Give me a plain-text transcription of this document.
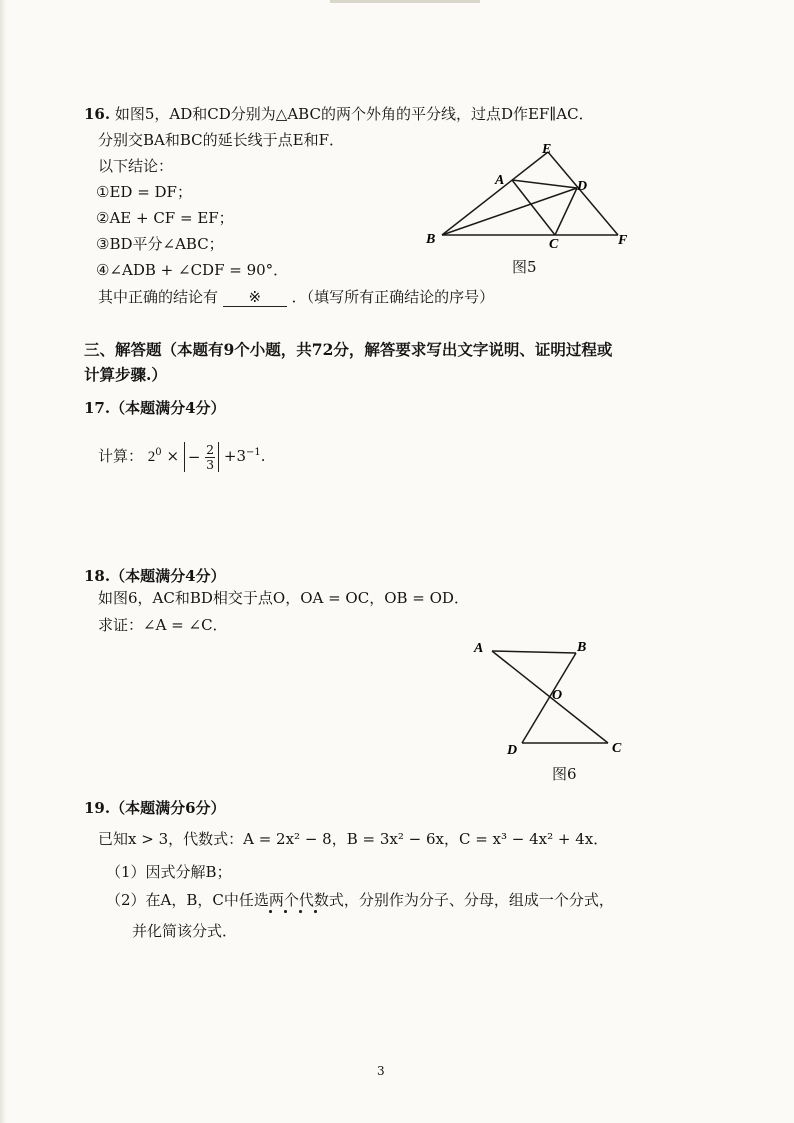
16. 如图5，AD和CD分别为△ABC的两个外角的平分线，过点D作EF∥AC．
分别交BA和BC的延长线于点E和F．
以下结论：
①ED = DF；
②AE + CF = EF；
③BD平分∠ABC；
④∠ADB + ∠CDF = 90°．
其中正确的结论有 ※ ．（填写所有正确结论的序号）
E
A	D
B	C	F
图5
三、解答题（本题有9个小题，共72分，解答要求写出文字说明、证明过程或
计算步骤.）
17.（本题满分4分）
计算： $2^0$ × − $\frac{2}{3} +3^{-1}$.
18.（本题满分4分）
如图6，AC和BD相交于点O，OA = OC，OB = OD．
求证：∠A = ∠C．
A	B
O
D	C
图6
19.（本题满分6分）
已知x > 3，代数式：A = 2x² − 8，B = 3x² − 6x，C = x³ − 4x² + 4x．
（1）因式分解B；
（2）在A，B，C中任选两个代数式，分别作为分子、分母，组成一个分式，
并化简该分式．
3
